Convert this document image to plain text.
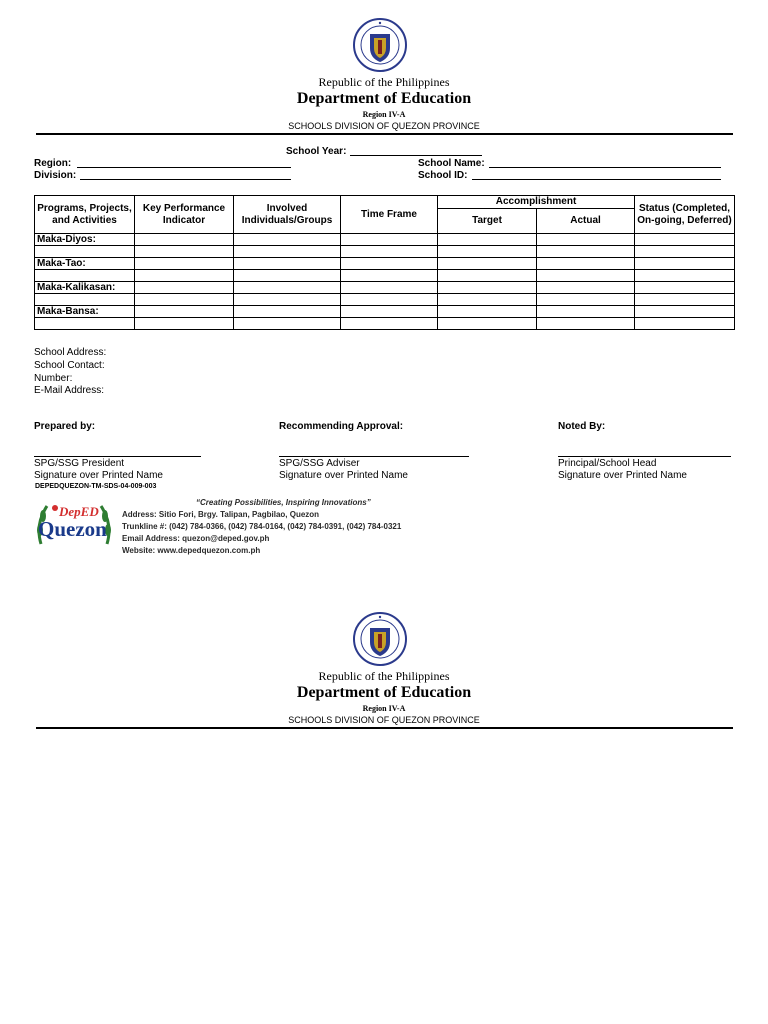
Republic of the Philippines
Department of Education
Region IV-A
SCHOOLS DIVISION OF QUEZON PROVINCE
School Year:
Region:	School Name:
Division:	School ID:
Programs, Projects, and Activities	Key Performance Indicator	Involved Individuals/Groups	Time Frame	Accomplishment		Status (Completed, On-going, Deferred)
				Target	Actual	
Maka-Diyos:						

Maka-Tao:						

Maka-Kalikasan:						

Maka-Bansa:						

School Address:
School Contact:
Number:
E-Mail Address:
Prepared by:	Recommending Approval:	Noted By:
SPG/SSG President	SPG/SSG Adviser	Principal/School Head
Signature over Printed Name	Signature over Printed Name	Signature over Printed Name
DEPEDQUEZON-TM-SDS-04-009-003
DepED
Quezon
“Creating Possibilities, Inspiring Innovations”
Address: Sitio Fori, Brgy. Talipan, Pagbilao, Quezon
Trunkline #: (042) 784-0366, (042) 784-0164, (042) 784-0391, (042) 784-0321
Email Address: quezon@deped.gov.ph
Website: www.depedquezon.com.ph
Republic of the Philippines
Department of Education
Region IV-A
SCHOOLS DIVISION OF QUEZON PROVINCE
